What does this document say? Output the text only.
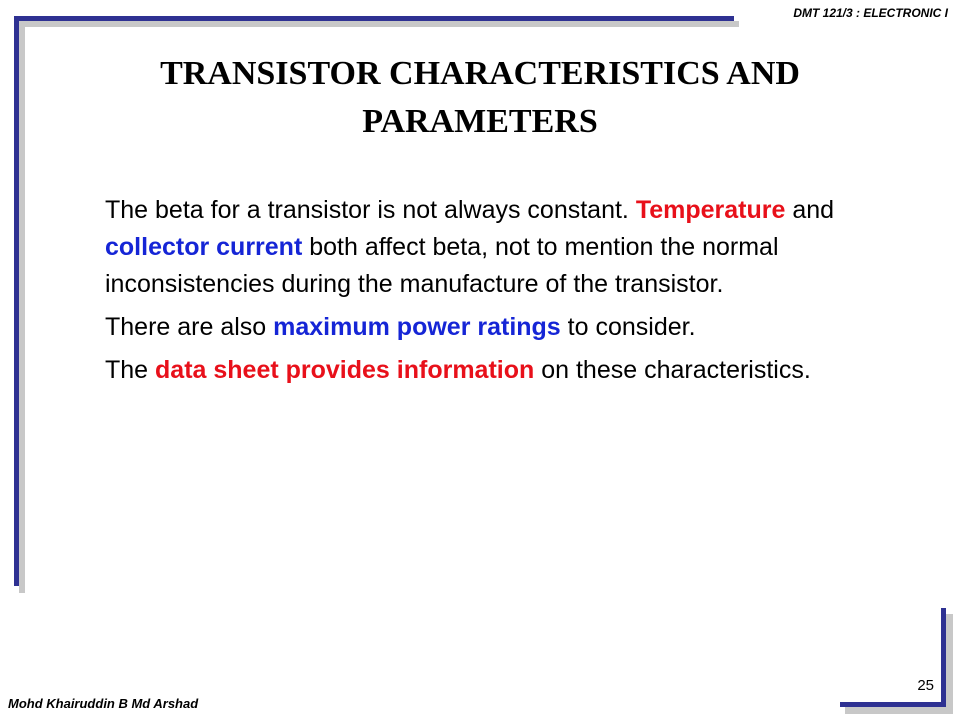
DMT 121/3 : ELECTRONIC I
TRANSISTOR CHARACTERISTICS AND
PARAMETERS

The beta for a transistor is not always constant. Temperature and collector current both affect beta, not to mention the normal inconsistencies during the manufacture of the transistor.

There are also maximum power ratings to consider.

The data sheet provides information on these characteristics.

Mohd Khairuddin B Md Arshad
25
